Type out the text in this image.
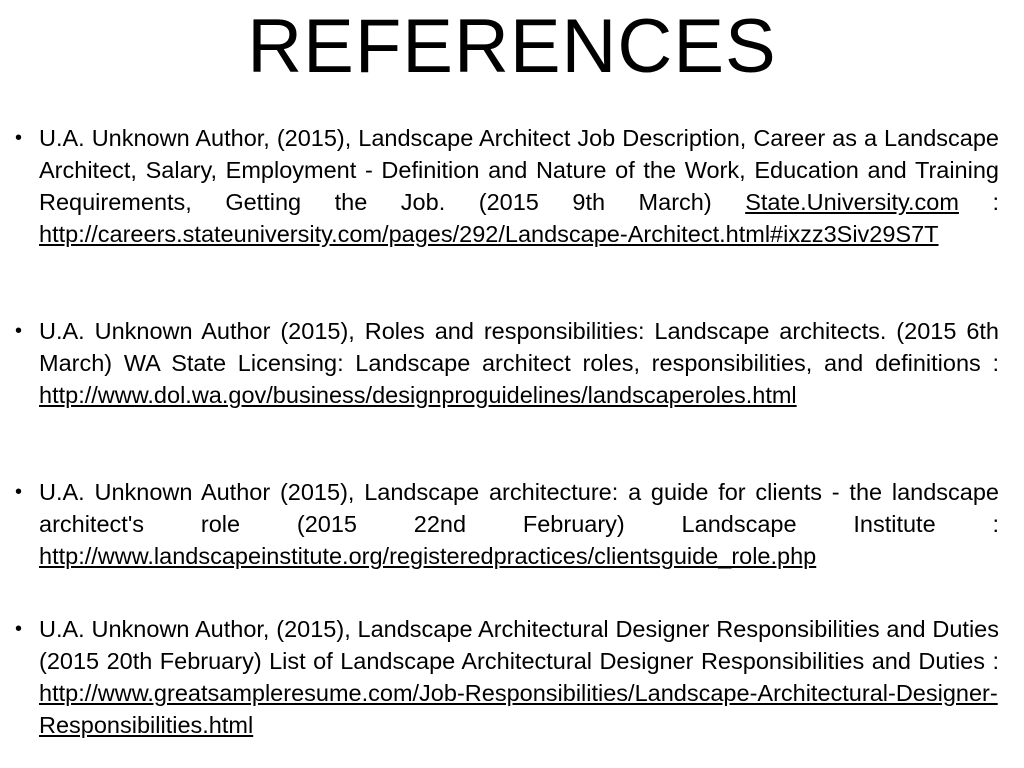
REFERENCES
• U.A. Unknown Author, (2015), Landscape Architect Job Description, Career as a Landscape Architect, Salary, Employment - Definition and Nature of the Work, Education and Training Requirements, Getting the Job. (2015 9th March) State.University.com : http://careers.stateuniversity.com/pages/292/Landscape-Architect.html#ixzz3Siv29S7T
• U.A. Unknown Author (2015), Roles and responsibilities: Landscape architects. (2015 6th March) WA State Licensing: Landscape architect roles, responsibilities, and definitions : http://www.dol.wa.gov/business/designproguidelines/landscaperoles.html
• U.A. Unknown Author (2015), Landscape architecture: a guide for clients - the landscape architect's role (2015 22nd February) Landscape Institute : http://www.landscapeinstitute.org/registeredpractices/clientsguide_role.php
• U.A. Unknown Author, (2015), Landscape Architectural Designer Responsibilities and Duties (2015 20th February) List of Landscape Architectural Designer Responsibilities and Duties : http://www.greatsampleresume.com/Job-Responsibilities/Landscape-Architectural-Designer-Responsibilities.html
